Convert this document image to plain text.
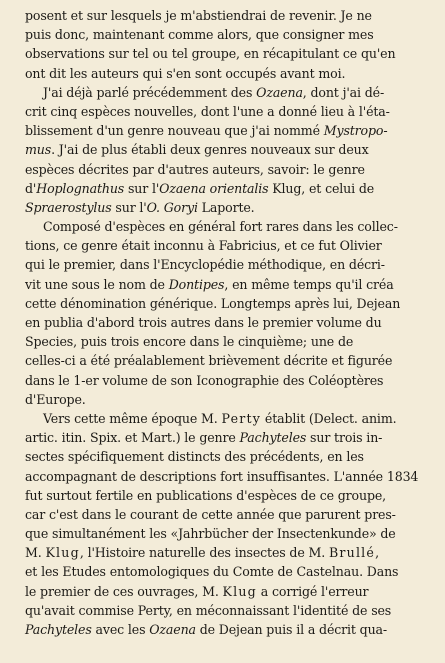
posent et sur lesquels je m'abstiendrai de revenir. Je ne
puis donc, maintenant comme alors, que consigner mes
observations sur tel ou tel groupe, en récapitulant ce qu'en
ont dit les auteurs qui s'en sont occupés avant moi.
J'ai déjà parlé précédemment des Ozaena, dont j'ai dé-
crit cinq espèces nouvelles, dont l'une a donné lieu à l'éta-
blissement d'un genre nouveau que j'ai nommé Mystropo-
mus. J'ai de plus établi deux genres nouveaux sur deux
espèces décrites par d'autres auteurs, savoir: le genre
d'Hoplognathus sur l'Ozaena orientalis Klug, et celui de
Spraerostylus sur l'O. Goryi Laporte.
Composé d'espèces en général fort rares dans les collec-
tions, ce genre était inconnu à Fabricius, et ce fut Olivier
qui le premier, dans l'Encyclopédie méthodique, en décri-
vit une sous le nom de Dontipes, en même temps qu'il créa
cette dénomination générique. Longtemps après lui, Dejean
en publia d'abord trois autres dans le premier volume du
Species, puis trois encore dans le cinquième; une de
celles-ci a été préalablement brièvement décrite et figurée
dans le 1-er volume de son Iconographie des Coléoptères
d'Europe.
Vers cette même époque M. Perty établit (Delect. anim.
artic. itin. Spix. et Mart.) le genre Pachyteles sur trois in-
sectes spécifiquement distincts des précédents, en les
accompagnant de descriptions fort insuffisantes. L'année 1834
fut surtout fertile en publications d'espèces de ce groupe,
car c'est dans le courant de cette année que parurent pres-
que simultanément les «Jahrbücher der Insectenkunde» de
M. Klug, l'Histoire naturelle des insectes de M. Brullé,
et les Etudes entomologiques du Comte de Castelnau. Dans
le premier de ces ouvrages, M. Klug a corrigé l'erreur
qu'avait commise Perty, en méconnaissant l'identité de ses
Pachyteles avec les Ozaena de Dejean puis il a décrit qua-
